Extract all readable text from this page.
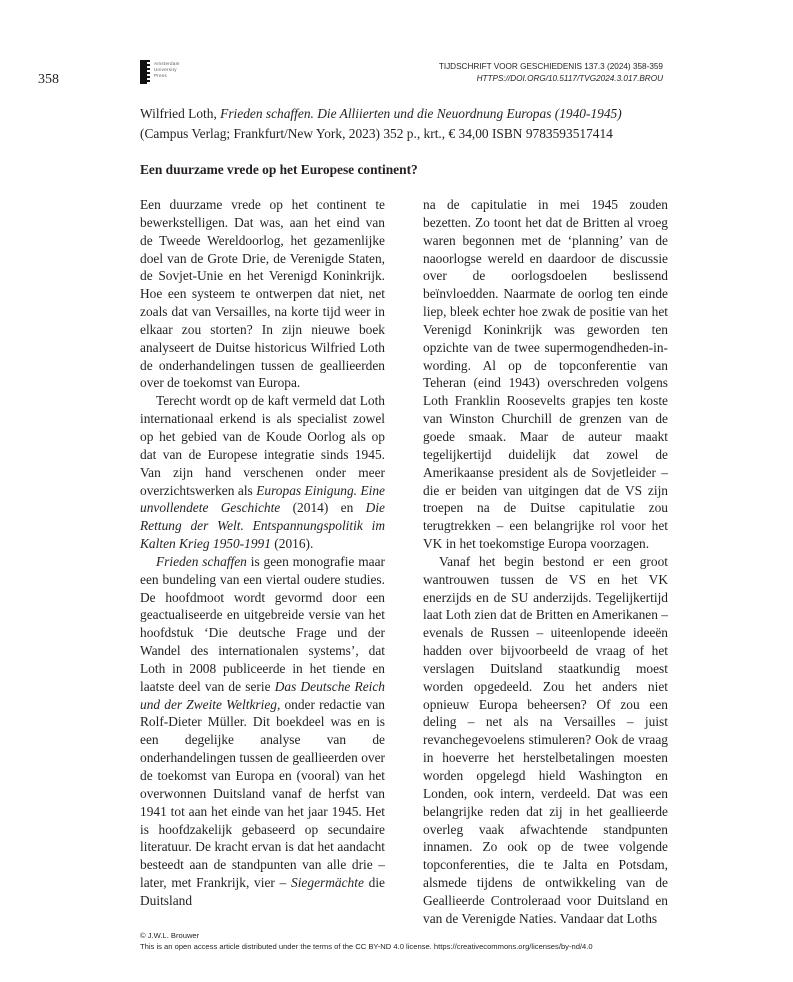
358
Amsterdam
University
Press
TIJDSCHRIFT VOOR GESCHIEDENIS 137.3 (2024) 358-359
HTTPS://DOI.ORG/10.5117/TVG2024.3.017.BROU
Wilfried Loth, Frieden schaffen. Die Alliierten und die Neuordnung Europas (1940-1945) (Campus Verlag; Frankfurt/New York, 2023) 352 p., krt., € 34,00 ISBN 9783593517414
Een duurzame vrede op het Europese continent?

Een duurzame vrede op het continent te bewerkstelligen. Dat was, aan het eind van de Tweede Wereldoorlog, het gezamenlijke doel van de Grote Drie, de Verenigde Staten, de Sovjet-Unie en het Verenigd Koninkrijk. Hoe een systeem te ontwerpen dat niet, net zoals dat van Versailles, na korte tijd weer in elkaar zou storten? In zijn nieuwe boek analyseert de Duitse historicus Wilfried Loth de onderhandelingen tussen de geallieerden over de toekomst van Europa.

Terecht wordt op de kaft vermeld dat Loth internationaal erkend is als specialist zowel op het gebied van de Koude Oorlog als op dat van de Europese integratie sinds 1945. Van zijn hand verschenen onder meer overzichtswerken als Europas Einigung. Eine unvollendete Geschichte (2014) en Die Rettung der Welt. Entspannungspolitik im Kalten Krieg 1950-1991 (2016).

Frieden schaffen is geen monografie maar een bundeling van een viertal oudere studies. De hoofdmoot wordt gevormd door een geactualiseerde en uitgebreide versie van het hoofdstuk ‘Die deutsche Frage und der Wandel des internationalen systems’, dat Loth in 2008 publiceerde in het tiende en laatste deel van de serie Das Deutsche Reich und der Zweite Weltkrieg, onder redactie van Rolf-Dieter Müller. Dit boekdeel was en is een degelijke analyse van de onderhandelingen tussen de geallieerden over de toekomst van Europa en (vooral) van het overwonnen Duitsland vanaf de herfst van 1941 tot aan het einde van het jaar 1945. Het is hoofdzakelijk gebaseerd op secundaire literatuur. De kracht ervan is dat het aandacht besteedt aan de standpunten van alle drie – later, met Frankrijk, vier – Siegermächte die Duitsland

na de capitulatie in mei 1945 zouden bezetten. Zo toont het dat de Britten al vroeg waren begonnen met de ‘planning’ van de naoorlogse wereld en daardoor de discussie over de oorlogsdoelen beslissend beïnvloedden. Naarmate de oorlog ten einde liep, bleek echter hoe zwak de positie van het Verenigd Koninkrijk was geworden ten opzichte van de twee supermogendheden-in-wording. Al op de topconferentie van Teheran (eind 1943) overschreden volgens Loth Franklin Roosevelts grapjes ten koste van Winston Churchill de grenzen van de goede smaak. Maar de auteur maakt tegelijkertijd duidelijk dat zowel de Amerikaanse president als de Sovjetleider – die er beiden van uitgingen dat de VS zijn troepen na de Duitse capitulatie zou terugtrekken – een belangrijke rol voor het VK in het toekomstige Europa voorzagen.

Vanaf het begin bestond er een groot wantrouwen tussen de VS en het VK enerzijds en de SU anderzijds. Tegelijkertijd laat Loth zien dat de Britten en Amerikanen – evenals de Russen – uiteenlopende ideeën hadden over bijvoorbeeld de vraag of het verslagen Duitsland staatkundig moest worden opgedeeld. Zou het anders niet opnieuw Europa beheersen? Of zou een deling – net als na Versailles – juist revanchegevoelens stimuleren? Ook de vraag in hoeverre het herstelbetalingen moesten worden opgelegd hield Washington en Londen, ook intern, verdeeld. Dat was een belangrijke reden dat zij in het geallieerde overleg vaak afwachtende standpunten innamen. Zo ook op de twee volgende topconferenties, die te Jalta en Potsdam, alsmede tijdens de ontwikkeling van de Geallieerde Controleraad voor Duitsland en van de Verenigde Naties. Vandaar dat Loths

© J.W.L. Brouwer
This is an open access article distributed under the terms of the CC BY-ND 4.0 license. https://creativecommons.org/licenses/by-nd/4.0
